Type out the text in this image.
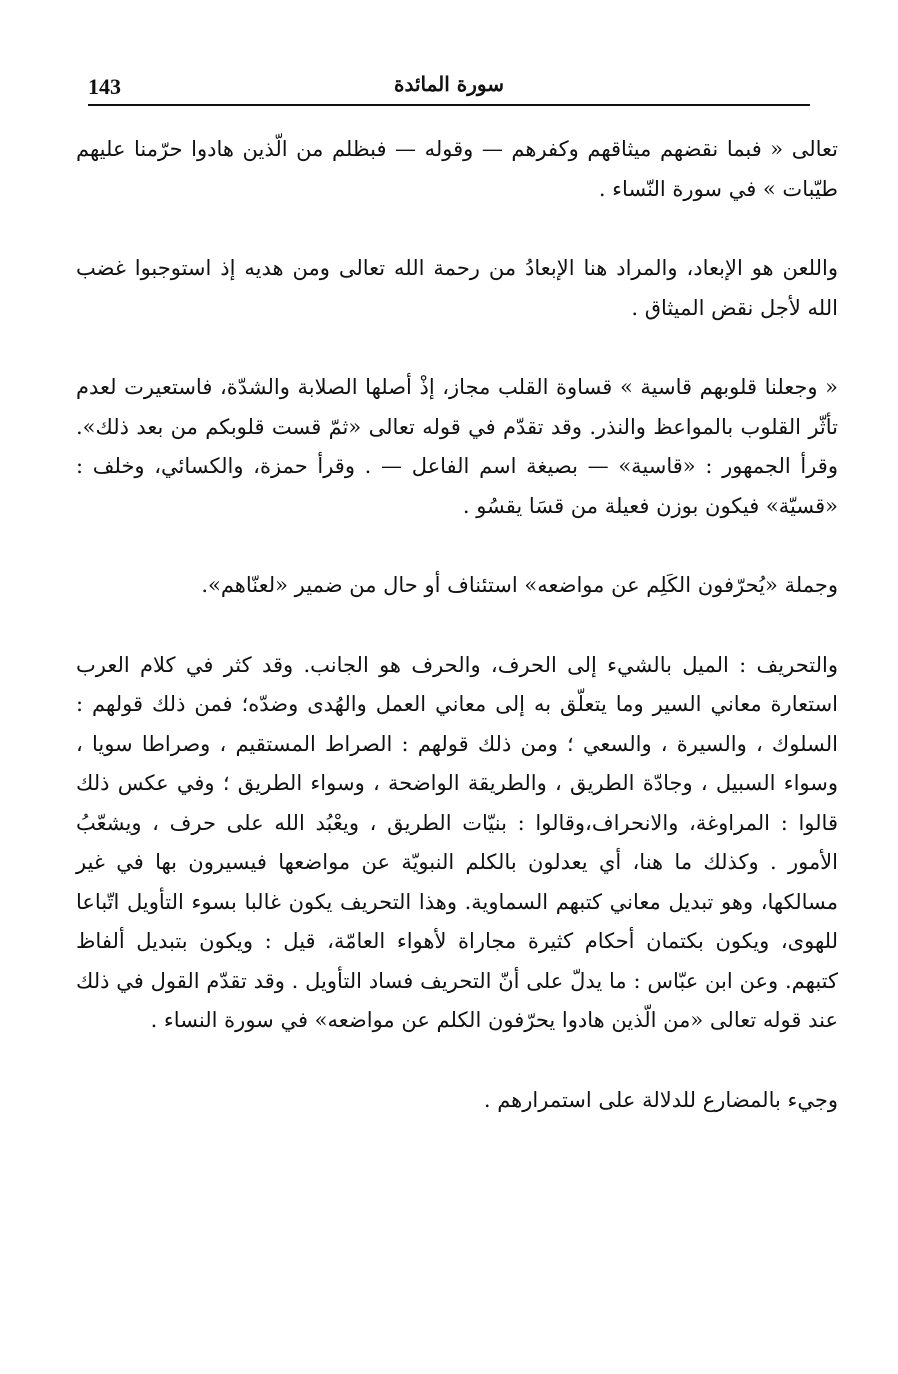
143	سورة المائدة

تعالى « فبما نقضهم ميثاقهم وكفرهم — وقوله — فبظلم من الّذين هادوا حرّمنا عليهم طيّبات » في سورة النّساء .

واللعن هو الإبعاد، والمراد هنا الإبعادُ من رحمة الله تعالى ومن هديه إذ استوجبوا غضب الله لأجل نقض الميثاق .

« وجعلنا قلوبهم قاسية » قساوة القلب مجاز، إذْ أصلها الصلابة والشدّة، فاستعيرت لعدم تأثّر القلوب بالمواعظ والنذر. وقد تقدّم في قوله تعالى «ثمّ قست قلوبكم من بعد ذلك». وقرأ الجمهور : «قاسية» — بصيغة اسم الفاعل — . وقرأ حمزة، والكسائي، وخلف : «قسيّة» فيكون بوزن فعيلة من قسَا يقسُو .

وجملة «يُحرّفون الكَلِم عن مواضعه» استئناف أو حال من ضمير «لعنّاهم».

والتحريف : الميل بالشيء إلى الحرف، والحرف هو الجانب. وقد كثر في كلام العرب استعارة معاني السير وما يتعلّق به إلى معاني العمل والهُدى وضدّه؛ فمن ذلك قولهم : السلوك ، والسيرة ، والسعي ؛ ومن ذلك قولهم : الصراط المستقيم ، وصراطا سويا ، وسواء السبيل ، وجادّة الطريق ، والطريقة الواضحة ، وسواء الطريق ؛ وفي عكس ذلك قالوا : المراوغة، والانحراف،وقالوا : بنيّات الطريق ، ويعْبُد الله على حرف ، ويشعّبُ الأمور . وكذلك ما هنا، أي يعدلون بالكلم النبويّة عن مواضعها فيسيرون بها في غير مسالكها، وهو تبديل معاني كتبهم السماوية. وهذا التحريف يكون غالبا بسوء التأويل اتّباعا للهوى، ويكون بكتمان أحكام كثيرة مجاراة لأهواء العامّة، قيل : ويكون بتبديل ألفاظ كتبهم. وعن ابن عبّاس : ما يدلّ على أنّ التحريف فساد التأويل . وقد تقدّم القول في ذلك عند قوله تعالى «من الّذين هادوا يحرّفون الكلم عن مواضعه» في سورة النساء .

وجيء بالمضارع للدلالة على استمرارهم .
